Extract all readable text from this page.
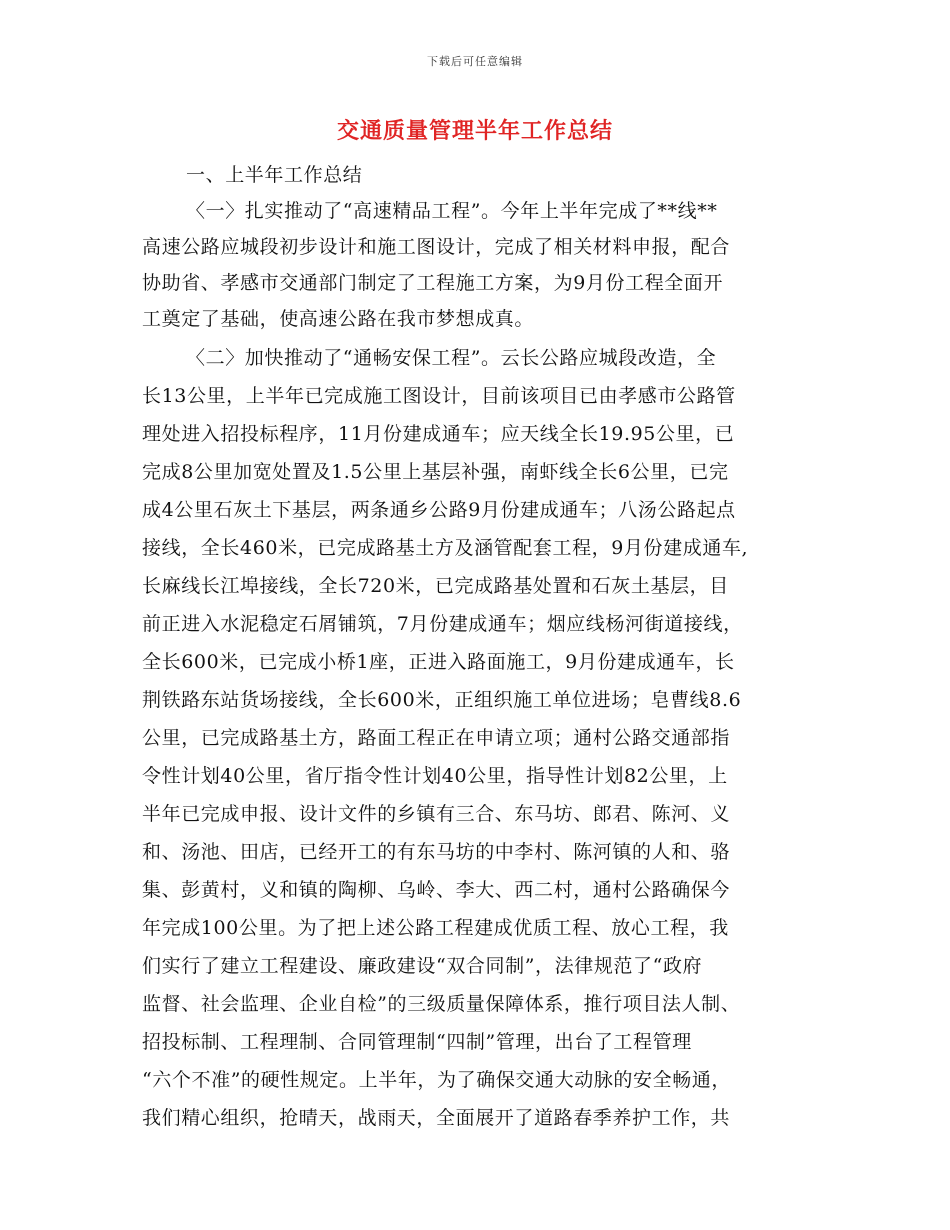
下载后可任意编辑
交通质量管理半年工作总结
一、上半年工作总结
〈一〉扎实推动了“高速精品工程”。今年上半年完成了**线**
高速公路应城段初步设计和施工图设计，完成了相关材料申报，配合
协助省、孝感市交通部门制定了工程施工方案，为9月份工程全面开
工奠定了基础，使高速公路在我市梦想成真。
〈二〉加快推动了“通畅安保工程”。云长公路应城段改造，全
长13公里，上半年已完成施工图设计，目前该项目已由孝感市公路管
理处进入招投标程序，11月份建成通车；应天线全长19.95公里，已
完成8公里加宽处置及1.5公里上基层补强，南虾线全长6公里，已完
成4公里石灰土下基层，两条通乡公路9月份建成通车；八汤公路起点
接线，全长460米，已完成路基土方及涵管配套工程，9月份建成通车,
长麻线长江埠接线，全长720米，已完成路基处置和石灰土基层，目
前正进入水泥稳定石屑铺筑，7月份建成通车；烟应线杨河街道接线，
全长600米，已完成小桥1座，正进入路面施工，9月份建成通车，长
荆铁路东站货场接线，全长600米，正组织施工单位进场；皂曹线8.6
公里，已完成路基土方，路面工程正在申请立项；通村公路交通部指
令性计划40公里，省厅指令性计划40公里，指导性计划82公里，上
半年已完成申报、设计文件的乡镇有三合、东马坊、郎君、陈河、义
和、汤池、田店，已经开工的有东马坊的中李村、陈河镇的人和、骆
集、彭黄村，义和镇的陶柳、乌岭、李大、西二村，通村公路确保今
年完成100公里。为了把上述公路工程建成优质工程、放心工程，我
们实行了建立工程建设、廉政建设“双合同制”，法律规范了“政府
监督、社会监理、企业自检”的三级质量保障体系，推行项目法人制、
招投标制、工程理制、合同管理制“四制”管理，出台了工程管理
“六个不准”的硬性规定。上半年，为了确保交通大动脉的安全畅通，
我们精心组织，抢晴天，战雨天，全面展开了道路春季养护工作，共
